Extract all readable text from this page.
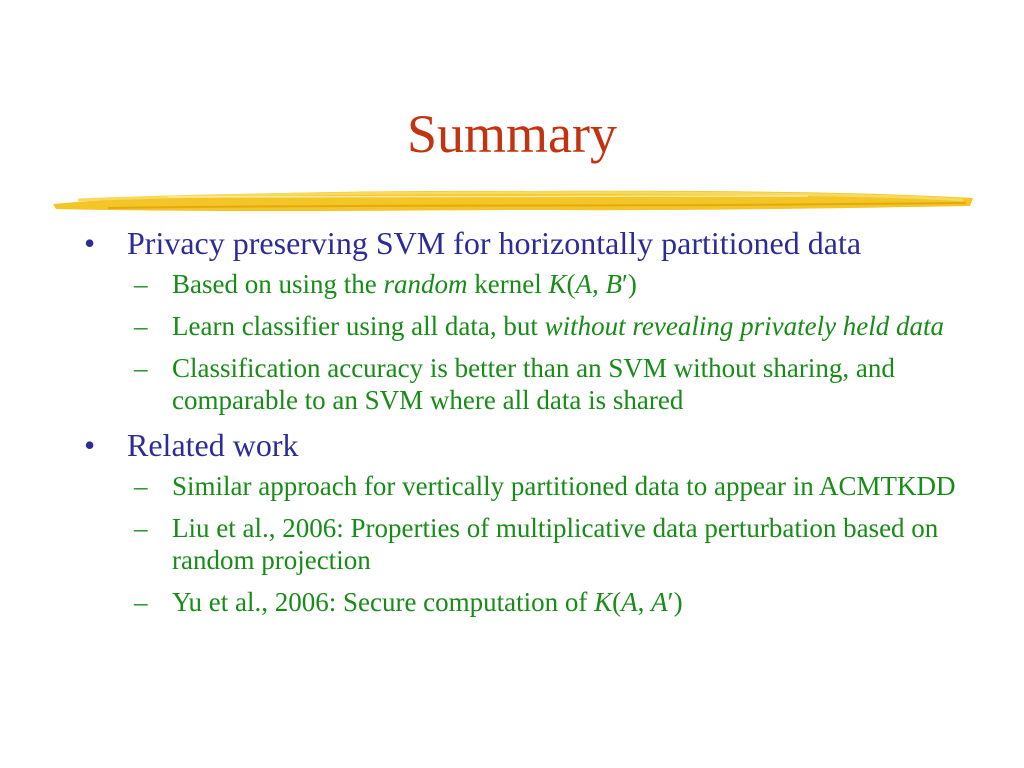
Summary
• Privacy preserving SVM for horizontally partitioned data
– Based on using the random kernel K(A, B′)
– Learn classifier using all data, but without revealing privately held data
– Classification accuracy is better than an SVM without sharing, and comparable to an SVM where all data is shared
• Related work
– Similar approach for vertically partitioned data to appear in ACMTKDD
– Liu et al., 2006: Properties of multiplicative data perturbation based on random projection
– Yu et al., 2006: Secure computation of K(A, A′)
